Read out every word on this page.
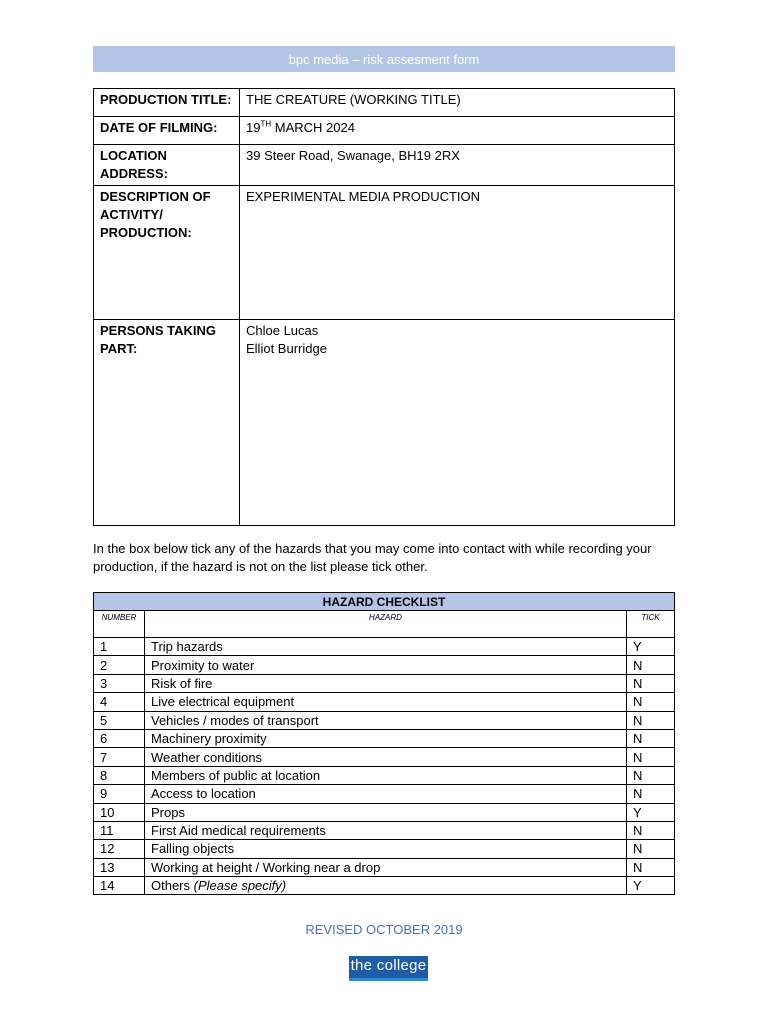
bpc media – risk assesment form
PRODUCTION TITLE:	THE CREATURE (WORKING TITLE)
DATE OF FILMING:	19TH MARCH 2024
LOCATION ADDRESS:	39 Steer Road, Swanage, BH19 2RX
DESCRIPTION OF ACTIVITY/ PRODUCTION:	EXPERIMENTAL MEDIA PRODUCTION
PERSONS TAKING PART:	Chloe Lucas
Elliot Burridge
In the box below tick any of the hazards that you may come into contact with while recording your production, if the hazard is not on the list please tick other.
HAZARD CHECKLIST		
NUMBER	HAZARD	TICK
1	Trip hazards	Y
2	Proximity to water	N
3	Risk of fire	N
4	Live electrical equipment	N
5	Vehicles / modes of transport	N
6	Machinery proximity	N
7	Weather conditions	N
8	Members of public at location	N
9	Access to location	N
10	Props	Y
11	First Aid medical requirements	N
12	Falling objects	N
13	Working at height / Working near a drop	N
14	Others (Please specify)	Y
REVISED OCTOBER 2019
the college
